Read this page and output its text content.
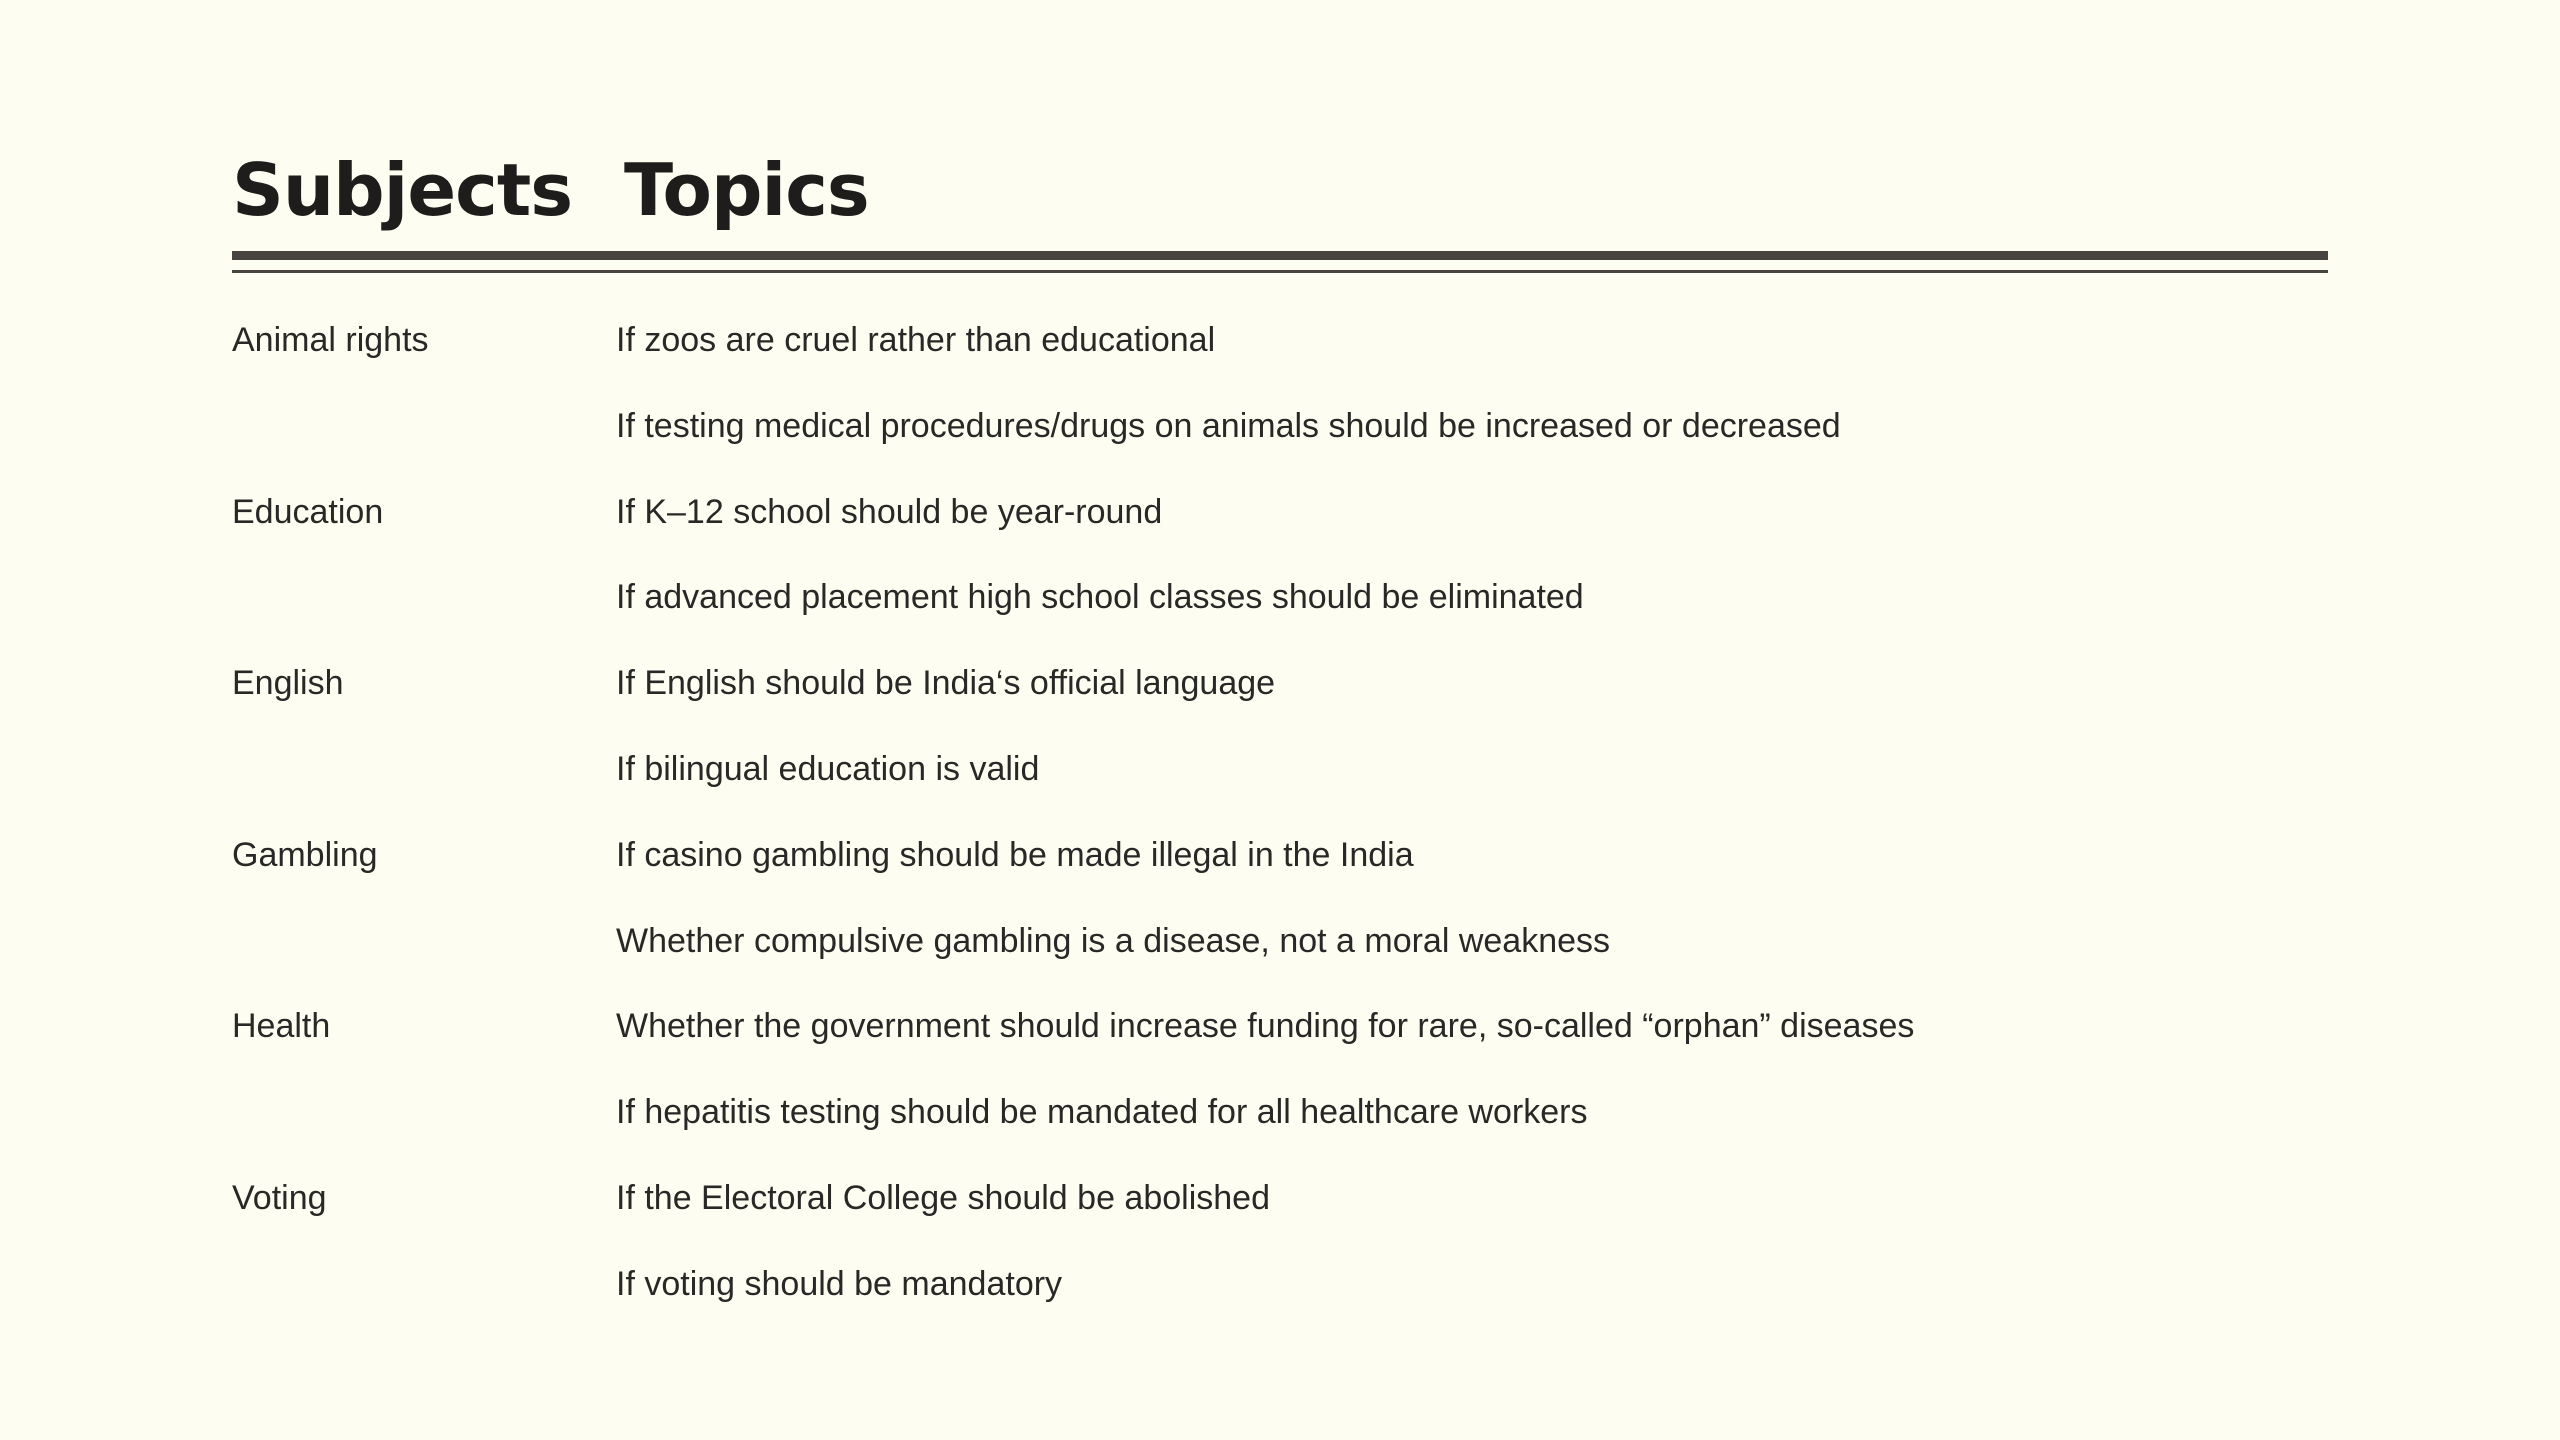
Subjects Topics
Animal rights	If zoos are cruel rather than educational
If testing medical procedures/drugs on animals should be increased or decreased
Education	If K–12 school should be year-round
If advanced placement high school classes should be eliminated
English	If English should be India‘s official language
If bilingual education is valid
Gambling	If casino gambling should be made illegal in the India
Whether compulsive gambling is a disease, not a moral weakness
Health	Whether the government should increase funding for rare, so-called “orphan” diseases
If hepatitis testing should be mandated for all healthcare workers
Voting	If the Electoral College should be abolished
If voting should be mandatory
